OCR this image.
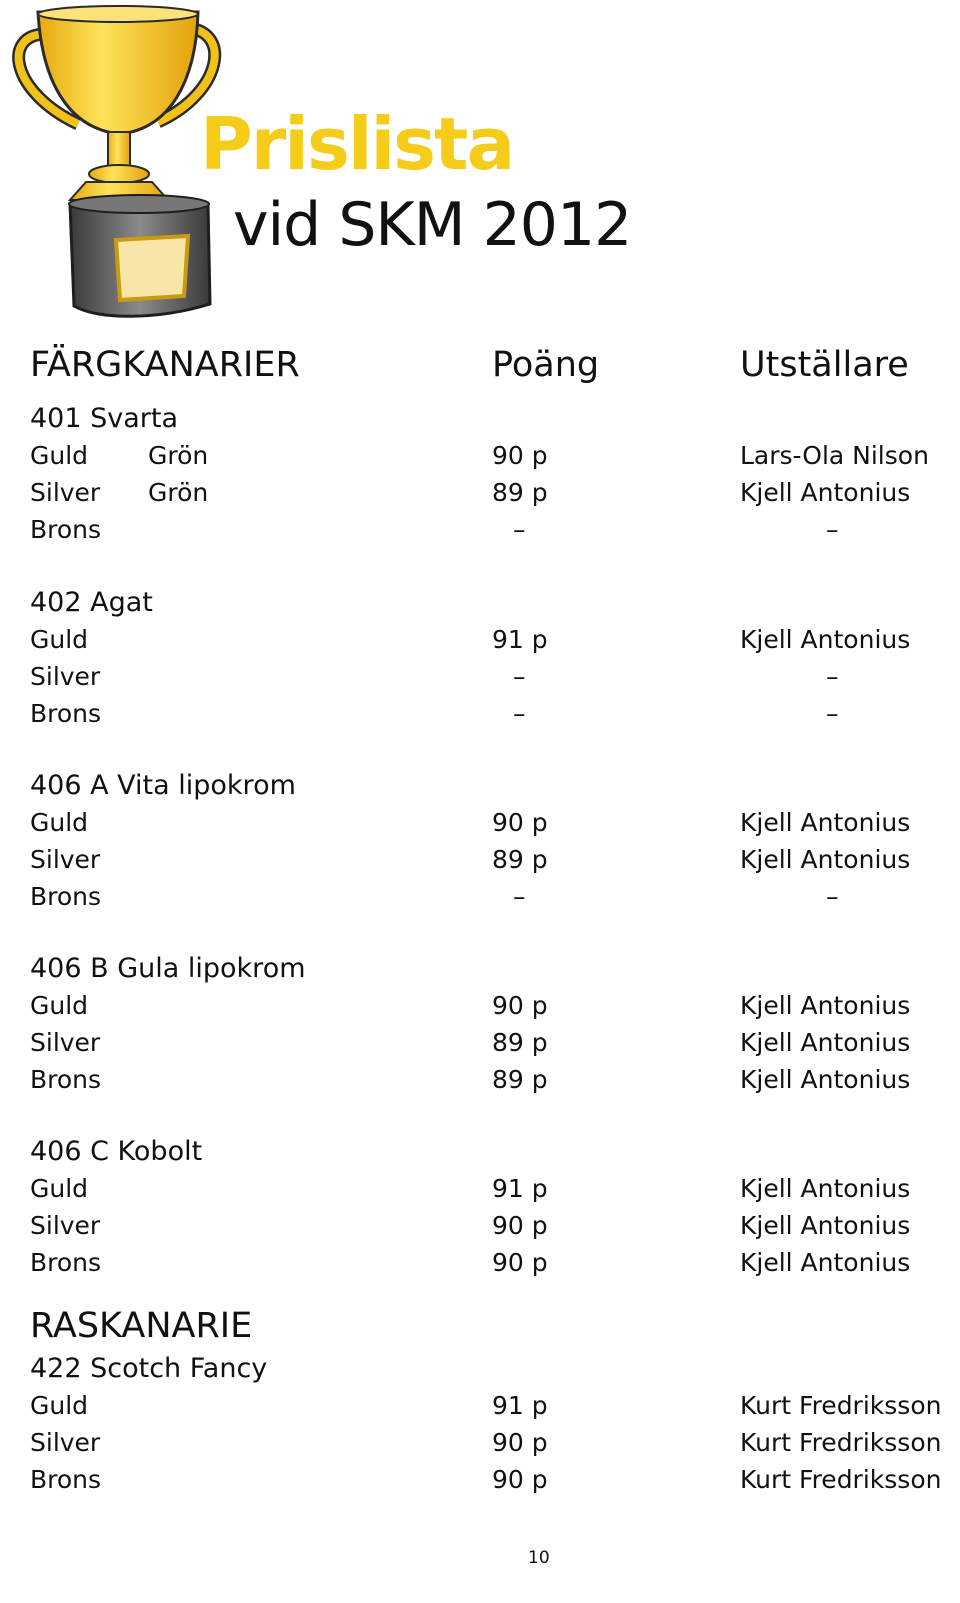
Prislista
vid SKM 2012
FÄRGKANARIER	Poäng	Utställare
401 Svarta
Guld Grön	90 p	Lars-Ola Nilson
Silver Grön	89 p	Kjell Antonius
Brons	–	–
402 Agat
Guld	91 p	Kjell Antonius
Silver	–	–
Brons	–	–
406 A Vita lipokrom
Guld	90 p	Kjell Antonius
Silver	89 p	Kjell Antonius
Brons	–	–
406 B Gula lipokrom
Guld	90 p	Kjell Antonius
Silver	89 p	Kjell Antonius
Brons	89 p	Kjell Antonius
406 C Kobolt
Guld	91 p	Kjell Antonius
Silver	90 p	Kjell Antonius
Brons	90 p	Kjell Antonius
RASKANARIE
422 Scotch Fancy
Guld	91 p	Kurt Fredriksson
Silver	90 p	Kurt Fredriksson
Brons	90 p	Kurt Fredriksson
10
